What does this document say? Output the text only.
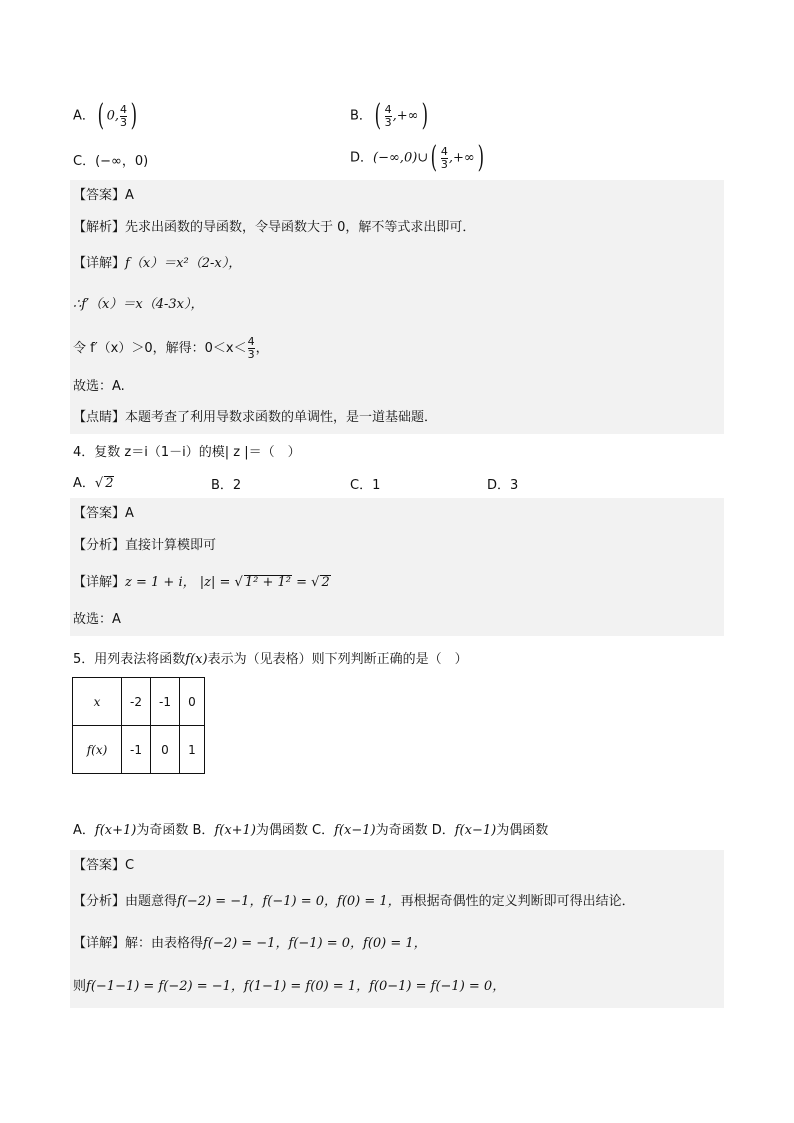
A．( 0, $\frac{4}{3}$ )	B．( $\frac{4}{3}$ ,+∞)
C．(−∞，0)	D．(−∞,0)∪( $\frac{4}{3}$ ,+∞)
【答案】A
【解析】先求出函数的导函数，令导函数大于 0，解不等式求出即可．
【详解】f（x）＝x²（2-x），
∴f′（x）＝x（4-3x），
令 f′（x）＞0，解得：$0<x< \frac{4}{3}$ ，
故选：A.
【点睛】本题考查了利用导数求函数的单调性，是一道基础题．
4．复数 z＝i（1－i）的模| z |＝（　）
A．√ 2	B．2	C．1	D．3
【答案】A
【分析】直接计算模即可
【详解】z = 1 + i， |z| = √ 1² + 1² = √ 2
故选：A
5．用列表法将函数f(x)表示为（见表格）则下列判断正确的是（　）
x	-2	-1	0
f(x)	-1	0	1
A．f(x+1)为奇函数 B．f(x+1)为偶函数 C．f(x−1)为奇函数 D．f(x−1)为偶函数
【答案】C
【分析】由题意得f(−2) = −1，f(−1) = 0，f(0) = 1，再根据奇偶性的定义判断即可得出结论．
【详解】解：由表格得f(−2) = −1，f(−1) = 0，f(0) = 1，
则f(−1−1) = f(−2) = −1，f(1−1) = f(0) = 1，f(0−1) = f(−1) = 0，
